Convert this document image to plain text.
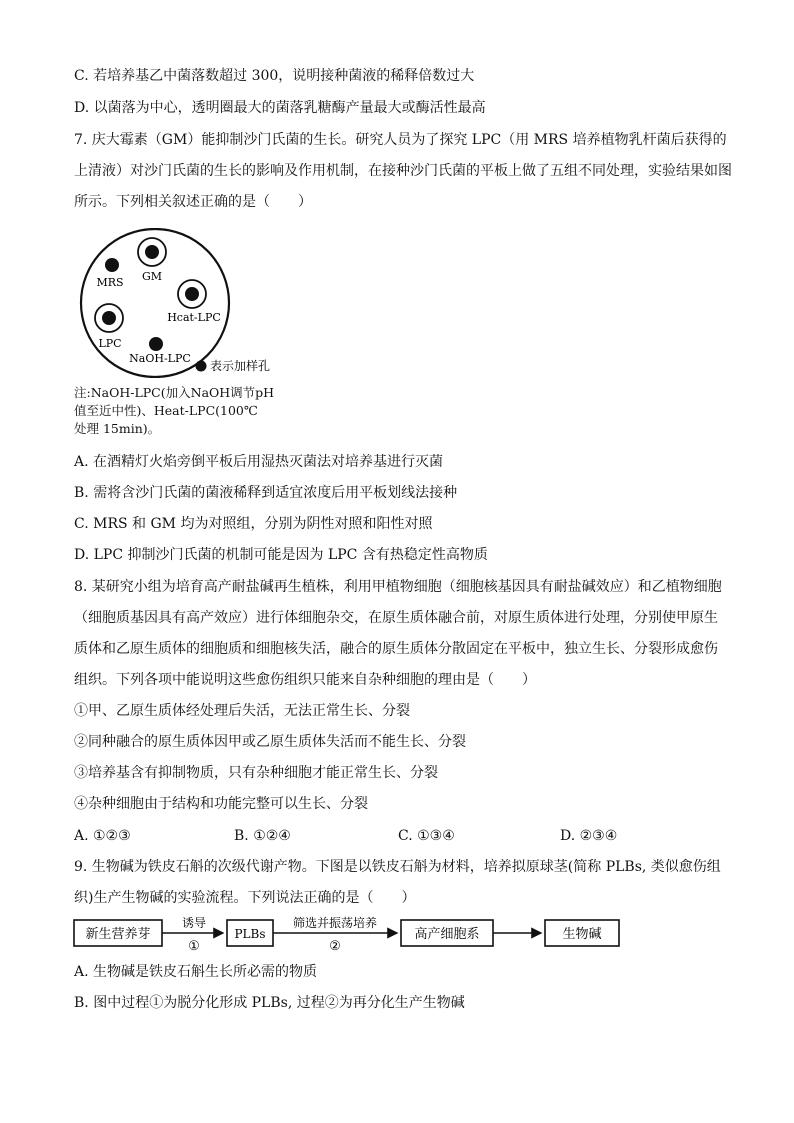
C. 若培养基乙中菌落数超过 300，说明接种菌液的稀释倍数过大
D. 以菌落为中心，透明圈最大的菌落乳糖酶产量最大或酶活性最高
7. 庆大霉素（GM）能抑制沙门氏菌的生长。研究人员为了探究 LPC（用 MRS 培养植物乳杆菌后获得的
上清液）对沙门氏菌的生长的影响及作用机制，在接种沙门氏菌的平板上做了五组不同处理，实验结果如图
所示。下列相关叙述正确的是（　　）
GM
MRS
Hcat-LPC
LPC
NaOH-LPC
表示加样孔
注:NaOH-LPC(加入NaOH调节pH
值至近中性)、Heat-LPC(100℃
处理 15min)。
A. 在酒精灯火焰旁倒平板后用湿热灭菌法对培养基进行灭菌
B. 需将含沙门氏菌的菌液稀释到适宜浓度后用平板划线法接种
C. MRS 和 GM 均为对照组，分别为阴性对照和阳性对照
D. LPC 抑制沙门氏菌的机制可能是因为 LPC 含有热稳定性高物质
8. 某研究小组为培育高产耐盐碱再生植株，利用甲植物细胞（细胞核基因具有耐盐碱效应）和乙植物细胞
（细胞质基因具有高产效应）进行体细胞杂交，在原生质体融合前，对原生质体进行处理，分别使甲原生
质体和乙原生质体的细胞质和细胞核失活，融合的原生质体分散固定在平板中，独立生长、分裂形成愈伤
组织。下列各项中能说明这些愈伤组织只能来自杂种细胞的理由是（　　）
①甲、乙原生质体经处理后失活，无法正常生长、分裂
②同种融合的原生质体因甲或乙原生质体失活而不能生长、分裂
③培养基含有抑制物质，只有杂种细胞才能正常生长、分裂
④杂种细胞由于结构和功能完整可以生长、分裂
A. ①②③	B. ①②④	C. ①③④	D. ②③④
9. 生物碱为铁皮石斛的次级代谢产物。下图是以铁皮石斛为材料，培养拟原球茎(简称 PLBs, 类似愈伤组
织)生产生物碱的实验流程。下列说法正确的是（　　）
新生营养芽
诱导
①
PLBs
筛选并振荡培养
②
高产细胞系	生物碱
A. 生物碱是铁皮石斛生长所必需的物质
B. 图中过程①为脱分化形成 PLBs, 过程②为再分化生产生物碱
